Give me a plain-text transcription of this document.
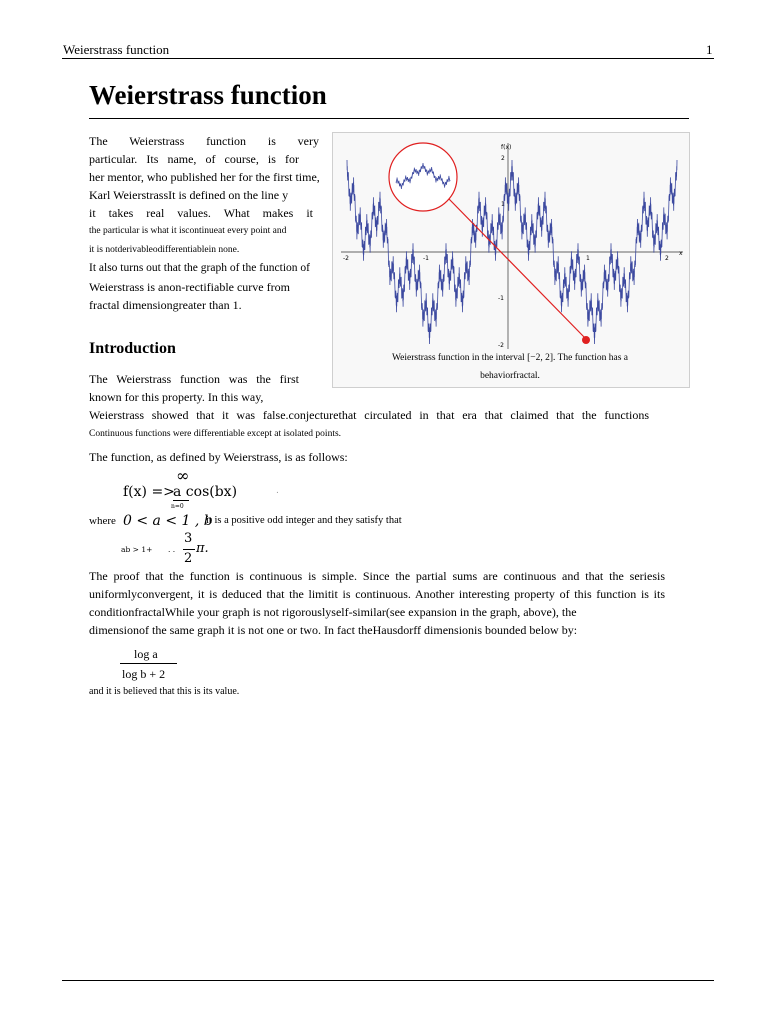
Weierstrass function	1
Weierstrass function
The Weierstrass function is very
particular. Its name, of course, is for
her mentor, who published her for the first time,
Karl WeierstrassIt is defined on the line y
it takes real values. What makes it
the particular is what it iscontinueat every point and
it is notderivableodifferentiablein none.
It also turns out that the graph of the function of
Weierstrass is anon-rectifiable curve from
fractal dimensiongreater than 1.
f(x)
x
-2	-1	1	2
2
1
-1
-2
Weierstrass function in the interval [−2, 2]. The function has a
behaviorfractal.
Introduction
The Weierstrass function was the first
known for this property. In this way,
Weierstrass showed that it was false.conjecturethat circulated in that era that claimed that the functions
Continuous functions were differentiable except at isolated points.
The function, as defined by Weierstrass, is as follows:
f(x) =>
∞
a cos(bx)
n=0
.
where 0 < a < 1 , b
it is a positive odd integer and they satisfy that
ab > 1+ . .
3
2
π.
The proof that the function is continuous is simple. Since the partial sums are continuous and that the seriesis
uniformlyconvergent, it is deduced that the limitit is continuous. Another interesting property of this function is its
conditionfractalWhile your graph is not rigorouslyself-similar(see expansion in the graph, above), the
dimensionof the same graph it is not one or two. In fact theHausdorff dimensionis bounded below by:
log a
log b + 2
and it is believed that this is its value.
